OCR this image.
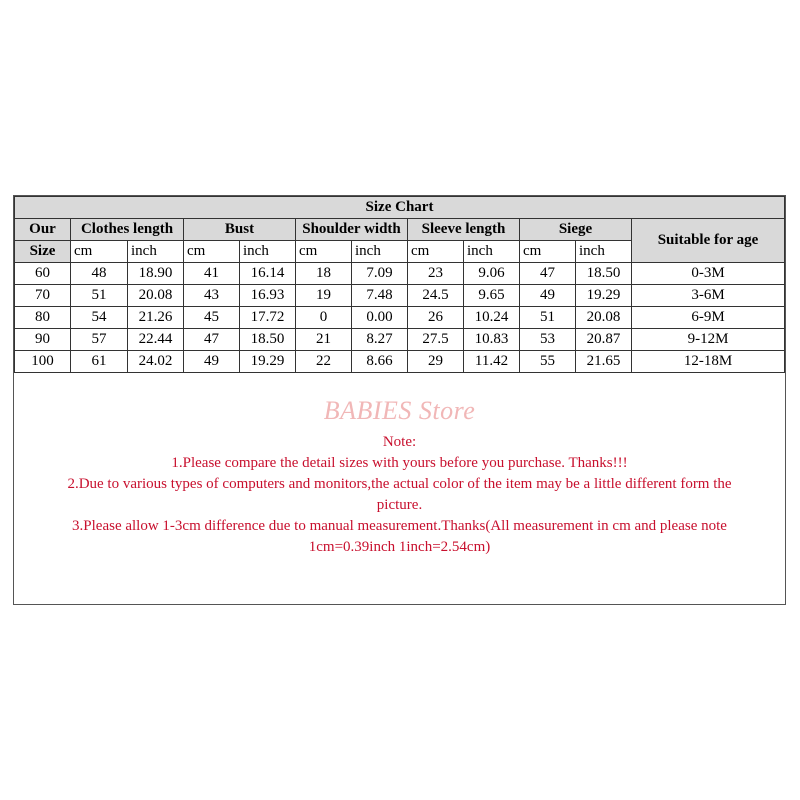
Size Chart											
Our	Clothes length		Bust		Shoulder width		Sleeve length		Siege		Suitable for age
Size	cm	inch	cm	inch	cm	inch	cm	inch	cm	inch	
60	48	18.90	41	16.14	18	7.09	23	9.06	47	18.50	0-3M
70	51	20.08	43	16.93	19	7.48	24.5	9.65	49	19.29	3-6M
80	54	21.26	45	17.72	0	0.00	26	10.24	51	20.08	6-9M
90	57	22.44	47	18.50	21	8.27	27.5	10.83	53	20.87	9-12M
100	61	24.02	49	19.29	22	8.66	29	11.42	55	21.65	12-18M
BABIES Store

Note:

1.Please compare the detail sizes with yours before you purchase. Thanks!!!

2.Due to various types of computers and monitors,the actual color of the item may be a little different form the

picture.

3.Please allow 1-3cm difference due to manual measurement.Thanks(All measurement in cm and please note

1cm=0.39inch 1inch=2.54cm)
